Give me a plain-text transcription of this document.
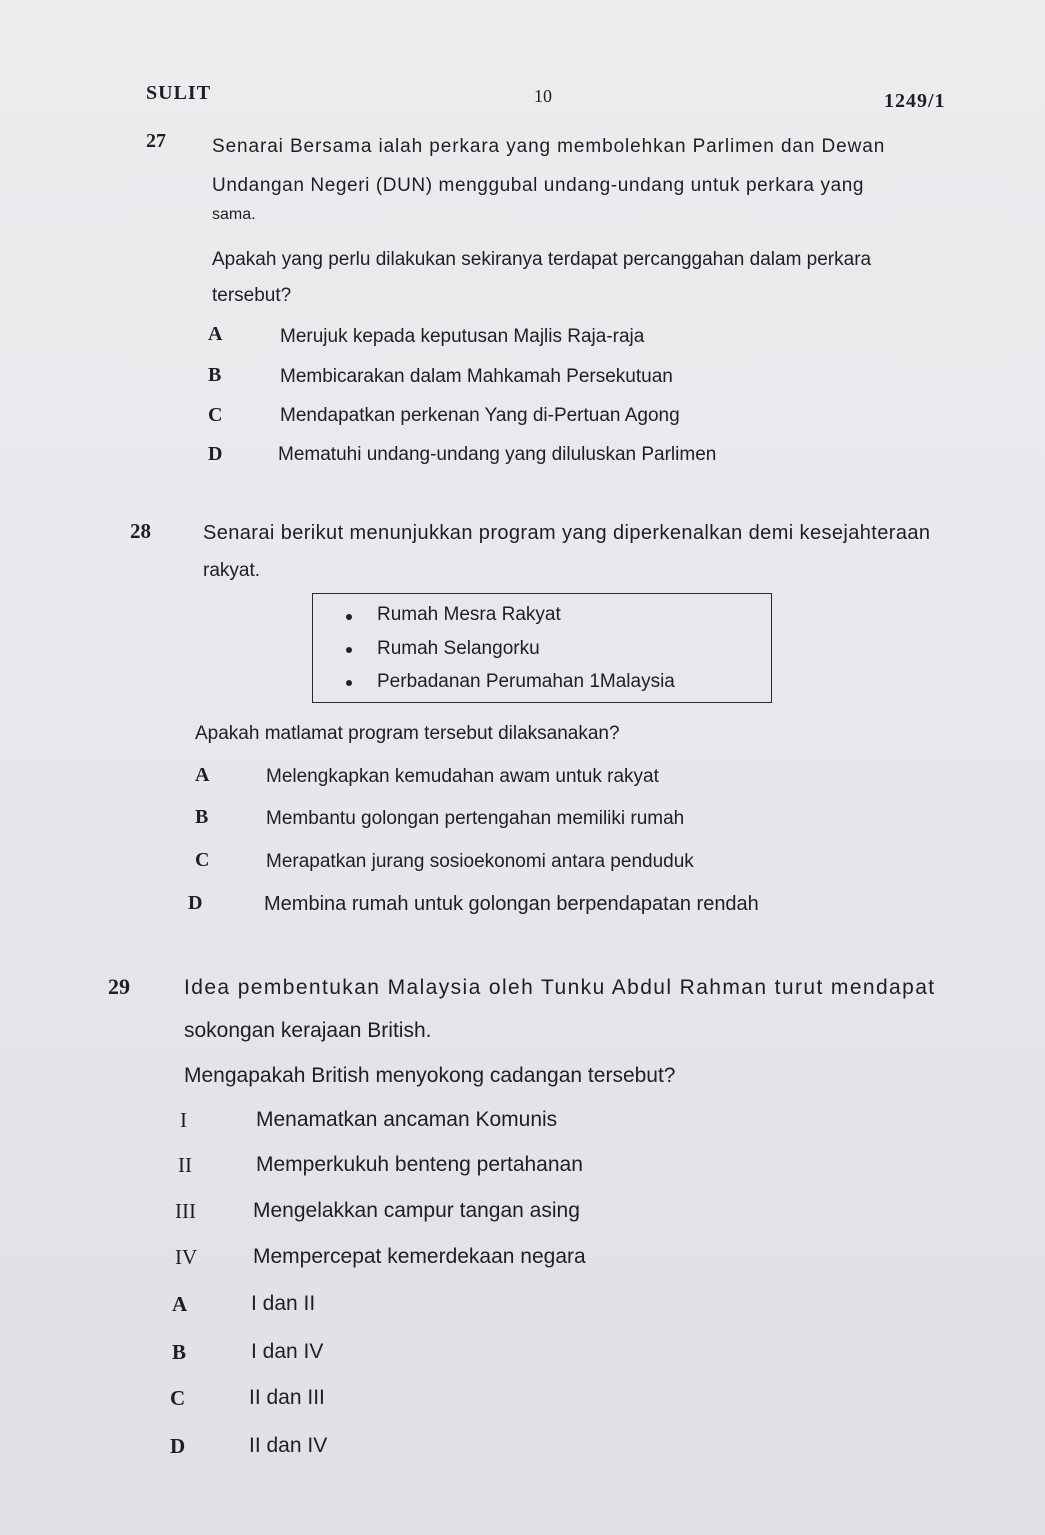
SULIT	10	1249/1
27 Senarai Bersama ialah perkara yang membolehkan Parlimen dan Dewan
Undangan Negeri (DUN) menggubal undang-undang untuk perkara yang
sama.
Apakah yang perlu dilakukan sekiranya terdapat percanggahan dalam perkara
tersebut?
A	Merujuk kepada keputusan Majlis Raja-raja
B	Membicarakan dalam Mahkamah Persekutuan
C	Mendapatkan perkenan Yang di-Pertuan Agong
D	Mematuhi undang-undang yang diluluskan Parlimen
28	Senarai berikut menunjukkan program yang diperkenalkan demi kesejahteraan
rakyat.
Rumah Mesra Rakyat
Rumah Selangorku
Perbadanan Perumahan 1Malaysia
Apakah matlamat program tersebut dilaksanakan?
A	Melengkapkan kemudahan awam untuk rakyat
B	Membantu golongan pertengahan memiliki rumah
C	Merapatkan jurang sosioekonomi antara penduduk
D	Membina rumah untuk golongan berpendapatan rendah
29	Idea pembentukan Malaysia oleh Tunku Abdul Rahman turut mendapat
sokongan kerajaan British.
Mengapakah British menyokong cadangan tersebut?
I	Menamatkan ancaman Komunis
II	Memperkukuh benteng pertahanan
III	Mengelakkan campur tangan asing
IV	Mempercepat kemerdekaan negara
A	I dan II
B	I dan IV
C	II dan III
D	II dan IV
